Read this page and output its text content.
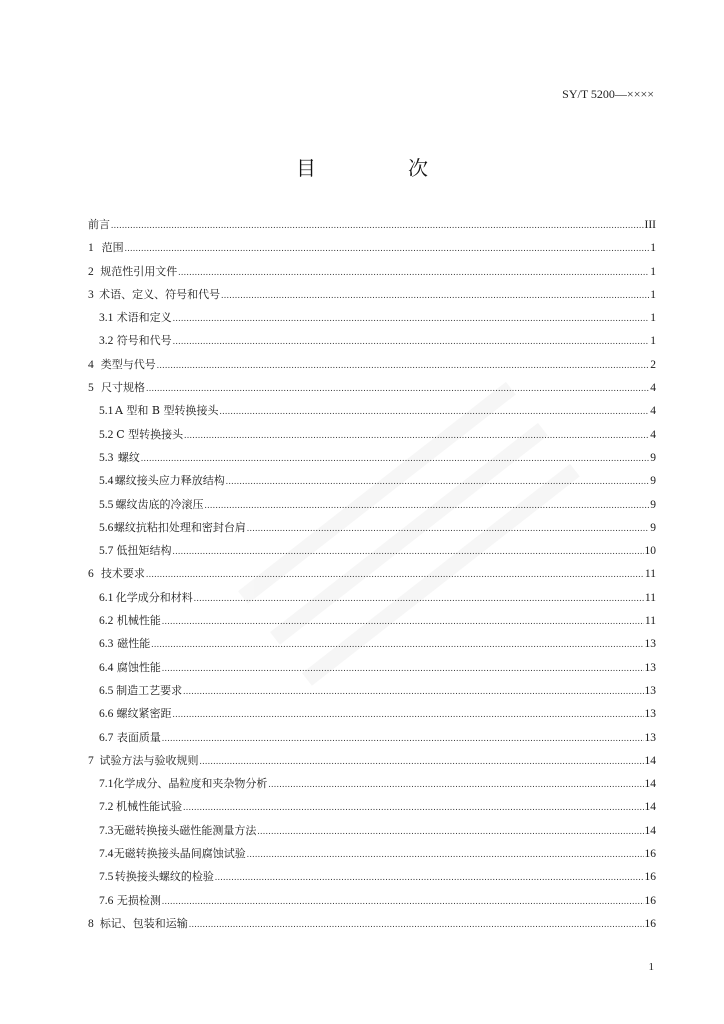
SY/T 5200—××××
目　次
前言 .....	III
1 范围 .....	1
2 规范性引用文件 .....	1
3 术语、定义、符号和代号 .....	1
3.1 术语和定义 .....	1
3.2 符号和代号 .....	1
4 类型与代号 .....	2
5 尺寸规格 .....	4
5.1 A 型和 B 型转换接头 .....	4
5.2 C 型转换接头 .....	4
5.3 螺纹 .....	9
5.4 螺纹接头应力释放结构 .....	9
5.5 螺纹齿底的冷滚压 .....	9
5.6 螺纹抗粘扣处理和密封台肩 .....	9
5.7 低扭矩结构 .....	10
6 技术要求 .....	11
6.1 化学成分和材料 .....	11
6.2 机械性能 .....	11
6.3 磁性能 .....	13
6.4 腐蚀性能 .....	13
6.5 制造工艺要求 .....	13
6.6 螺纹紧密距 .....	13
6.7 表面质量 .....	13
7 试验方法与验收规则 .....	14
7.1 化学成分、晶粒度和夹杂物分析 .....	14
7.2 机械性能试验 .....	14
7.3 无磁转换接头磁性能测量方法 .....	14
7.4 无磁转换接头晶间腐蚀试验 .....	16
7.5 转换接头螺纹的检验 .....	16
7.6 无损检测 .....	16
8 标记、包装和运输 .....	16
1
